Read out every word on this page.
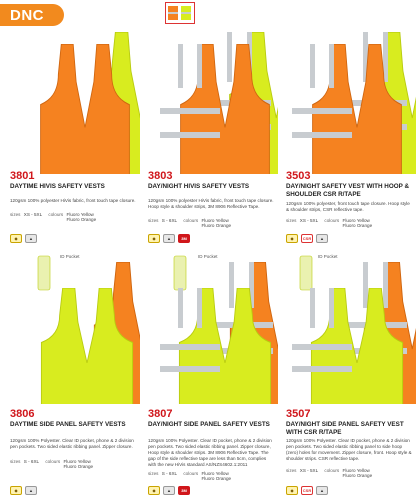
DNC
3801
DAYTIME HIVIS SAFETY VESTS
120gsm 100% polyester HiVis fabric, front touch tape closure.
sizes XS - 5XL colours Fluoro Yellow
Fluoro Orange
◆	▲
3803
DAY/NIGHT HIVIS SAFETY VESTS
120gsm 100% polyester HiVis fabric, front touch tape closure. Hoop style & shoulder strips, 3M 8906 Reflective Tape.
sizes S - 6XL colours Fluoro Yellow
Fluoro Orange
◆	▲	3M
3503
DAY/NIGHT SAFETY VEST WITH HOOP & SHOULDER CSR R/TAPE
120gsm 100% polyester, front touch tape closure. Hoop style & shoulder strips, CSR reflective tape.
sizes XS - 5XL colours Fluoro Yellow
Fluoro Orange
◆	CSR	▲
ID Pocket
3806
DAYTIME SIDE PANEL SAFETY VESTS
120gsm 100% Polyester. Clear ID pocket, phone & 2 division pen pockets. Two sided elastic ribbing panel. Zipper closure.
sizes S - 6XL colours Fluoro Yellow
Fluoro Orange
◆	▲
ID Pocket
3807
DAY/NIGHT SIDE PANEL SAFETY VESTS
120gsm 100% Polyester. Clear ID pocket, phone & 2 division pen pockets. Two sided elastic ribbing panel. Zipper closure, Hoop style & shoulder strips. 3M 8906 Reflective Tape. The gap of the side reflective tape are less than 5cm, complies with the new HiVis standard AS/NZS4602.1:2011
sizes S - 6XL colours Fluoro Yellow
Fluoro Orange
◆	▲	3M
ID Pocket
3507
DAY/NIGHT SIDE PANEL SAFETY VEST WITH CSR R/TAPE
120gsm 100% Polyester. Clear ID pocket, phone & 2 division pen pockets. Two sided elastic ribbing panel to side hoop (zero) holes for movement. Zipper closure, front. Hoop style & shoulder strips. CSR reflective tape.
sizes XS - 5XL colours Fluoro Yellow
Fluoro Orange
◆	CSR	▲
